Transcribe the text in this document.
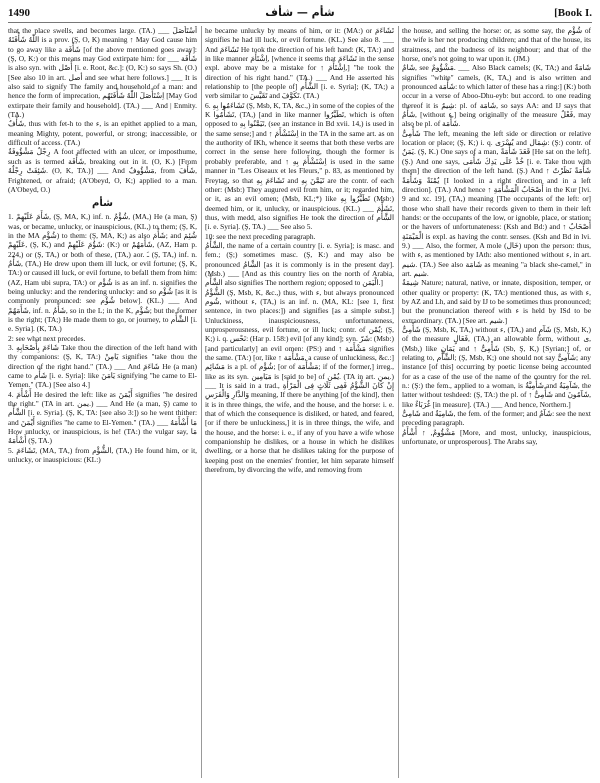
1490	شأم — شأف	[Book I.

that the place swells, and becomes large. (TA.) ___ اُسْتَأْصَلَ اللّٰهُ شَأْفَتَهُ is a prov. (Ş, O, K) meaning ↑ May God cause him to go away like a شَأْفَة [of the above mentioned goes away]: (Ş, O, K:) or this means may God extirpate him: for ___ شَأْفَة is also syn. with أَصْل [i. e. Root, &c.]: (O, K:) so says Sh. (O.) [See also 10 in art. أصل and see what here follows.] ___ It is also said to signify The family and household of a man: and hence the form of imprecation, اِسْتَأْصَلَ اللّٰهُ شَأْفَتَهُم [May God extirpate their family and household]. (TA.) ___ And | Enmity. (TA.)

شَأْفٌ, thus with fet-h to the ء, is an epithet applied to a man, meaning Mighty, potent, powerful, or strong; inaccessible, or difficult of access. (TA.)

رِجْلٌ مَشْؤُوفَةٌ A foot affected with an ulcer, or imposthume, such as is termed شَأْفَة, breaking out in it. (O, K.) [From شَئِفَتْ رِجْلُهُ. (O, K, TA.)] ___ And مَشْؤُوفٌ, from شَأَفَ, Frightened, or afraid; (A'Obeyd, O, K;) applied to a man. (A'Obeyd, O.)

شأم

1. شَأَمَ عَلَيْهِمْ, (Ş, MA, K,) inf. n. شُؤْمٌ, (MA,) He (a man, Ş) was, or became, unlucky, or inauspicious, (KL,) to them; (Ş, K, in the MA شُؤْم) to them: (Ş, MA, K;) as also شَأُمَ; and شُئِمَ عَلَيْهِمْ, (Ş, K,) and شَؤُمَ عَلَيْهِمْ: (K:) or شَأَمَهُمْ, (AZ, Ham p. 224,) or (Ş, TA,) or both of these, (TA,) aor. ـَ (Ş, TA,) inf. n. شَأْمٌ, (TA,) He drew upon them ill luck, or evil fortune; (Ş, K, TA:) or caused ill luck, or evil fortune, to befall them from him: (AZ, Ham ubi supra, TA:) or شُؤْم is as an inf. n. signifies the being unlucky: and the rendering unlucky: and so شُؤْم [as it is commonly pronounced: see شُؤْم below]. (KL.) ___ And شَأَمَهُمْ, inf. n. شَأْمٌ, so in the L; in the K, شُؤْم; but the former is the right; (TA;) He made them to go, or journey, to الشَّأْم [i. e. Syria]. (K, TA.)

2: see what next precedes.

3. شَاءَمَ بِأَصْحَابِهِ Take thou the direction of the left hand with thy companions: (Ş, K, TA:) يَامِنْ signifies "take thou the direction of the right hand." (TA.) ___ And شَاءَمَ He (a man) came to شَأْم [i. e. Syria]: like يَامَنَ signifying "he came to El-Yemen." (TA.) [See also 4.]

4. أَشْأَمَ He desired the left: like as أَيْمَنَ signifies "he desired the right." (TA in art. يمن.) ___ And He (a man, Ş) came to الشَّأْم [i. e. Syria]. (Ş, K, TA: [see also 3:]) so he went thither: and أَيْمَنَ signifies "he came to El-Yemen." (TA.) ___ مَا أَشْأَمَهُ How unlucky, or inauspicious, is he! (TA:) the vulgar say, مَا أَشْأَمَهُ (Ş, TA.)

5. تَشَاءَمَ, (MA, TA,) from الشُّؤْم, (TA,) He found him, or it, unlucky, or inauspicious: (KL:)

he became unlucky by means of him, or it: (MA:) or تَشَاءَمَ signifies he had ill luck, or evil fortune. (KL.) See also 8. ___ And تَشَاءَمَ He took the direction of his left hand: (K, TA:) and in like manner اِشْتَأَمَ, [whence it seems that تَشَاءَمَ in the sense expl. above may be a mistake for ↑ اِشْتَأَمَ,] "he took the direction of his right hand." (TA.) ___ And He asserted his relationship to [the people of] الشَّأْم [i. e. Syria]; (K, TA;) a verb similar to تَقَيَّسَ and تَكَوَّفَ. (TA.)

6. تَشَاءَمُوا بِهِ (Ş, Msb, K, TA, &c.,) in some of the copies of the K تَشَأَّمُوا, (TA,) [and in like manner تَطَيَّرُوا, which is often opposed to تَيَمَّنُوا بِهِ, (see an instance in Bd xvii. 14,) is used in the same sense;] and ↑ اِسْتَشْأَمَ in the TA in the same art. as on the authority of IKh, whence it seems that both these verbs are correct in the sense here following, though the former is probably preferable, and ↑ اِسْتَشْأَمَ بِهِ is used in the same manner in "Les Oiseaux et les Fleurs," p. 83, as mentioned by Freytag, so that تَشَاءَمَ بِهِ and تَيَمَّنَ بِهِ are the contr. of each other: (Msb:) They augured evil from him, or it; regarded him, or it, as an evil omen; (Msb, KL;*) like تَطَيَّرُوا بِهِ (Msb:) deemed him, or it, unlucky, or inauspicious. (KL.) ___ تَشَأَّمَ, thus, with medd, also signifies He took the direction of الشَّأْم [i. e. Syria]. (Ş, TA.) ___ See also 5.

10: see the next preceding paragraph.

الشَّأْمُ, the name of a certain country [i. e. Syria]; is masc. and fem.; (Ş;) sometimes masc. (Ş, K:) and may also be pronounced الشَّامُ [as it is commonly is in the present day]. (Msb.) ___ [And as this country lies on the north of Arabia, الشَّأْم also signifies The northern region; opposed to الْيَمَن.]

الشُّؤْمُ (Ş, Msb, K, &c.,) thus, with ء, but always pronounced شُوم, without ء, (TA,) is an inf. n. (MA, KL: [see 1, first sentence, in two places:]) and signifies [as a simple subst.] Unluckiness, inauspiciousness, unfortunateness, unprosperousness, evil fortune, or ill luck; contr. of يُمْن; (Ş, K;) i. q. نَحْس: (Har p. 158:) evil [of any kind]; syn. شَرّ: (Msb:) [and particularly] an evil omen: (PS:) and ↑ مَشْأَمَة signifies the same. (TA:) [or, like ↑ مَشْأَمَة, a cause of unluckiness, &c.:] مَشَائِم is a pl. of شُؤْم; [or of مَشْأَمَة; if of the former,] irreg., like as its syn. مَيَامِين is [said to be] of يُمْن. (TA in art. يمن.) ___ It is said in a trad., إِنْ كَانَ الشُّؤْمُ فَفِى ثَلَاثٍ فِى الْمَرْأَةِ وَالدَّارِ وَالْفَرَسِ meaning, If there be anything [of the kind], then it is in three things, the wife, and the house, and the horse: i. e. that of which the consequence is disliked, or hated, and feared, [or if there be unluckiness,] it is in three things, the wife, and the house, and the horse: i. e., if any of you have a wife whose companionship he dislikes, or a house in which he dislikes dwelling, or a horse that he dislikes taking for the purpose of keeping post on the enemies' frontier, let him separate himself therefrom, by divorcing the wife, and removing from

the house, and selling the horse: or, as some say, the شُؤْم of the wife is her not producing children; and that of the house, its straitness, and the badness of its neighbour; and that of the horse, one's not going to war upon it. (JM.)

شَامٌ, see مَشْؤُومٌ. ___ Also Black camels; (K, TA;) and شَامَةٌ signifies "white" camels, (K, TA,) and is also written and pronounced شَأْمَة: to which latter of these has a ring:] (K:) both occur in a verse of Aboo-Dhu-eyb: but accord. to one reading thereof it is شِيمٌ: pl. of شَامَة, so says AA: and IJ says that شَأْمٌ, [without ء,] being originally of the measure فَعْلٌ, may also be pl. of شَأْمَة.

شَأْمِىٌّ The left, meaning the left side or direction or relative location or place; (Ş, K;) i. q. يُسْرَى and شِمَال: (Ş:) contr. of يَمَنٌ. (Ş, K.) One says of a man, قَعَدَ شَأْمَةً [He sat on the left]. (Ş.) And one says, خُذْ عَلَى يَدِكَ شَأْمَى [i. e. Take thou with them] the direction of the left hand. (Ş.) And ↑ شَأْمَةً نَظَرْتُ يُمْنَةً وَشَأْمَةً [I looked in a right direction and in a left direction]. (TA.) And hence ↑ أَصْحَابُ الْمَشْأَمَةِ in the Kur [lvi. 9 and xc. 19], (TA,) meaning [The occupants of the left: or] those who shall have their records given to them in their left hands: or the occupants of the low, or ignoble, place, or station: or the havers of unfortunateness: (Ksh and Bd:) and ↑ أَصْحَابُ الْمَيْمَنَةِ is expl. as having the contr. senses. (Ksh and Bd in lvi. 9.) ___ Also, the former, A mole (خَال) upon the person: thus, with ء, as mentioned by IAth: also mentioned without ء, in art. شيم. (TA.) See also شَامَة as meaning "a black she-camel," in art. شيم.

شِيمَةٌ Nature; natural, native, or innate, disposition, temper, or other quality or property: (K, TA:) mentioned thus, as with ء, by AZ and Lh, and said by IJ to be sometimes thus pronounced; but the pronunciation thereof with ء is held by ISd to be extraordinary. (TA.) [See art. شيم.]

شَأْمِىٌّ (Ş, Msb, K, TA,) without ء, (TA,) and شَآمٍ (Ş, Msb, K,) of the measure فَعَالٍ, (TA,) an allowable form, without ى, (Msb,) like يَمَانٍ and ↑ شَأْمِىٌّ (Sb, Ş, K,) [Syrian;] of, or relating to, الشَّأْم; (Ş, Msb, K;) one should not say شَآمِىٌّ; any instance [of this] occurring by poetic license being accounted for as a case of the use of the name of the country for the rel. n.: (Ş:) the fem., applied to a woman, is شَأْمِيَّةٌ and شَآمِيَةٌ, the latter without teshdeed: (Ş, TA:) the pl. of ↑ شَأْمِىٌّ and شَآمُونَ, like غُرَبَاءٌ [in measure]. (TA.) ___ And hence, Northern.]

شَامِىٌّ and شَامِيَةٌ, the fem. of the former; and شَآمٌ: see the next preceding paragraph.

مَشْؤُومٌ, ↑ أَشْأَمُ [More, and most, unlucky, inauspicious, unfortunate, or unprosperous]. The Arabs say,
